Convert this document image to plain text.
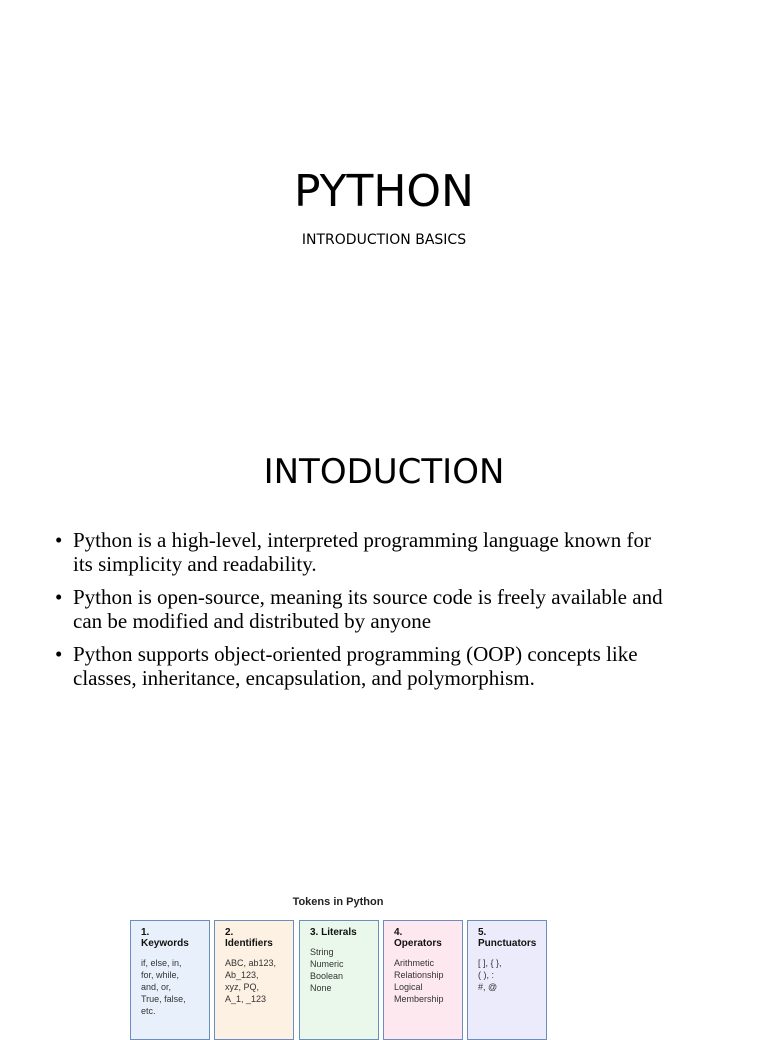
PYTHON
INTRODUCTION BASICS
INTODUCTION
• Python is a high-level, interpreted programming language known for
its simplicity and readability.
• Python is open-source, meaning its source code is freely available and
can be modified and distributed by anyone
• Python supports object-oriented programming (OOP) concepts like
classes, inheritance, encapsulation, and polymorphism.
Tokens in Python
1. Keywords
if, else, in,
for, while,
and, or,
True, false,
etc.
2. Identifiers
ABC, ab123,
Ab_123,
xyz, PQ,
A_1, _123
3. Literals
String
Numeric
Boolean
None
4. Operators
Arithmetic
Relationship
Logical
Membership
5. Punctuators
[ ], { },
( ), :
#, @
